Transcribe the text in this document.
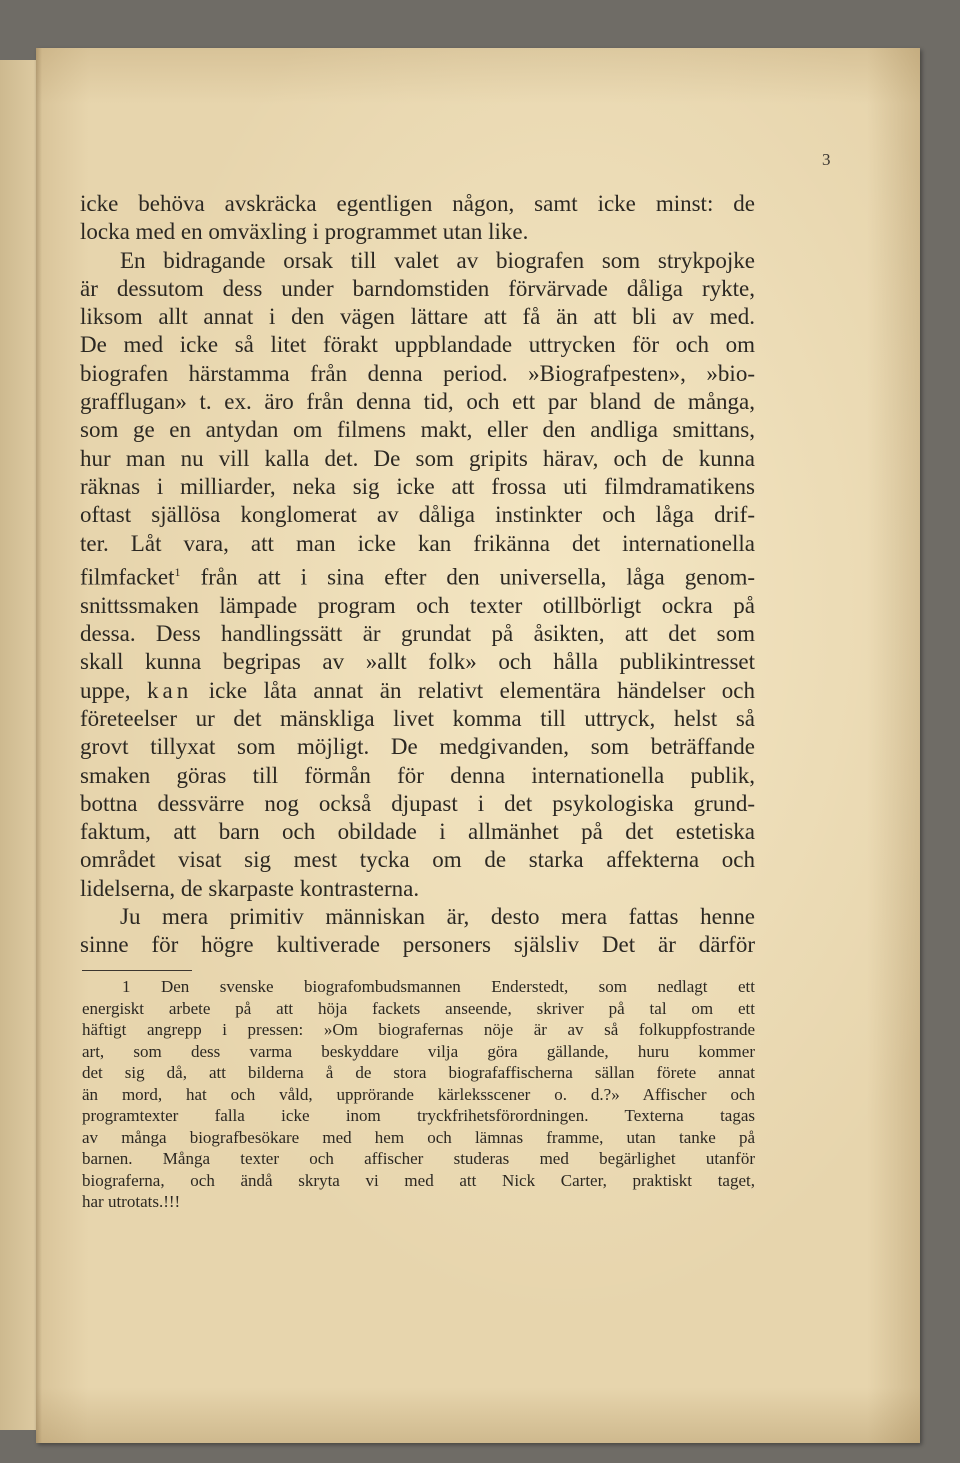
3
icke behöva avskräcka egentligen någon, samt icke minst: de
locka med en omväxling i programmet utan like.
En bidragande orsak till valet av biografen som strykpojke
är dessutom dess under barndomstiden förvärvade dåliga rykte,
liksom allt annat i den vägen lättare att få än att bli av med.
De med icke så litet förakt uppblandade uttrycken för och om
biografen härstamma från denna period. »Biografpesten», »bio-
grafflugan» t. ex. äro från denna tid, och ett par bland de många,
som ge en antydan om filmens makt, eller den andliga smittans,
hur man nu vill kalla det. De som gripits härav, och de kunna
räknas i milliarder, neka sig icke att frossa uti filmdramatikens
oftast själlösa konglomerat av dåliga instinkter och låga drif-
ter. Låt vara, att man icke kan frikänna det internationella
filmfacket$^1$ från att i sina efter den universella, låga genom-
snittssmaken lämpade program och texter otillbörligt ockra på
dessa. Dess handlingssätt är grundat på åsikten, att det som
skall kunna begripas av »allt folk» och hålla publikintresset
uppe, kan icke låta annat än relativt elementära händelser och
företeelser ur det mänskliga livet komma till uttryck, helst så
grovt tillyxat som möjligt. De medgivanden, som beträffande
smaken göras till förmån för denna internationella publik,
bottna dessvärre nog också djupast i det psykologiska grund-
faktum, att barn och obildade i allmänhet på det estetiska
området visat sig mest tycka om de starka affekterna och
lidelserna, de skarpaste kontrasterna.
Ju mera primitiv människan är, desto mera fattas henne
sinne för högre kultiverade personers själsliv Det är därför
1 Den svenske biografombudsmannen Enderstedt, som nedlagt ett
energiskt arbete på att höja fackets anseende, skriver på tal om ett
häftigt angrepp i pressen: »Om biografernas nöje är av så folkuppfostrande
art, som dess varma beskyddare vilja göra gällande, huru kommer
det sig då, att bilderna å de stora biografaffischerna sällan förete annat
än mord, hat och våld, upprörande kärleksscener o. d.?» Affischer och
programtexter falla icke inom tryckfrihetsförordningen. Texterna tagas
av många biografbesökare med hem och lämnas framme, utan tanke på
barnen. Många texter och affischer studeras med begärlighet utanför
biograferna, och ändå skryta vi med att Nick Carter, praktiskt taget,
har utrotats.!!!
